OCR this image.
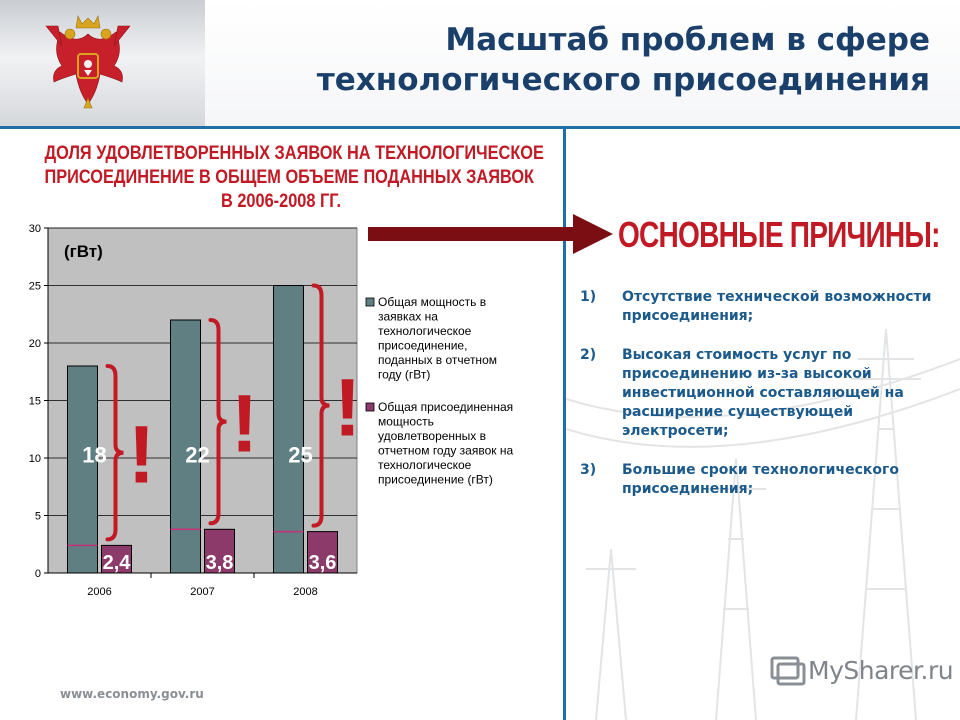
Масштаб проблем в сфере
технологического присоединения
ДОЛЯ УДОВЛЕТВОРЕННЫХ ЗАЯВОК НА ТЕХНОЛОГИЧЕСКОЕ
ПРИСОЕДИНЕНИЕ В ОБЩЕМ ОБЪЕМЕ ПОДАННЫХ ЗАЯВОК
В 2006-2008 ГГ.
0
5
10
15
20
25
30
(гВт)
2006
18
2,4
!
2007
22
3,8
!
2008
25
3,6
!
Общая мощность в заявках на технологическое присоединение, поданных в отчетном году (гВт)
Общая присоединенная мощность удовлетворенных в отчетном году заявок на технологическое присоединение (гВт)
ОСНОВНЫЕ ПРИЧИНЫ:
1) Отсутствие технической возможности присоединения;
2) Высокая стоимость услуг по присоединению из-за высокой инвестиционной составляющей на расширение существующей электросети;
3) Большие сроки технологического присоединения;
www.economy.gov.ru
MySharer.ru
